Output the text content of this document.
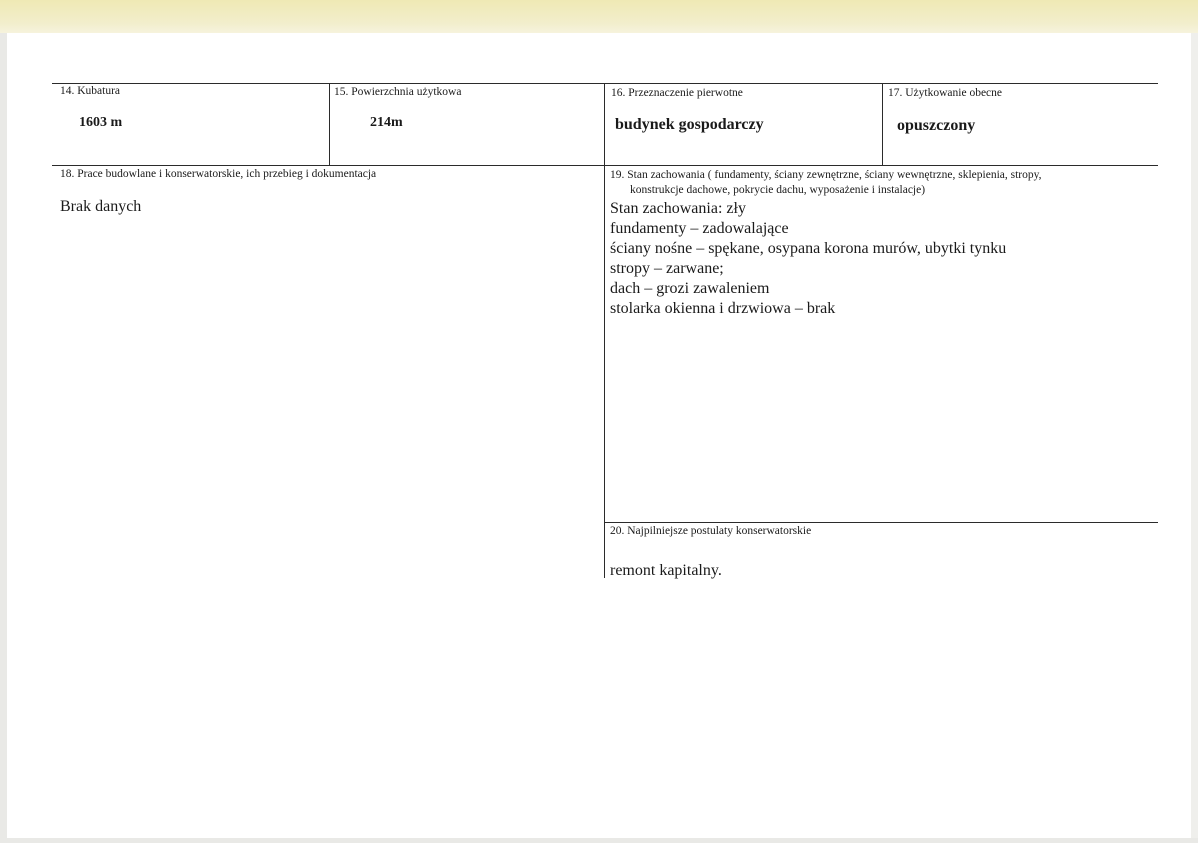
14. Kubatura
1603 m
15. Powierzchnia użytkowa
214m
16. Przeznaczenie pierwotne
budynek gospodarczy
17. Użytkowanie obecne
opuszczony
18. Prace budowlane i konserwatorskie, ich przebieg i dokumentacja
Brak danych
19. Stan zachowania ( fundamenty, ściany zewnętrzne, ściany wewnętrzne, sklepienia, stropy,
konstrukcje dachowe, pokrycie dachu, wyposażenie i instalacje)
Stan zachowania: zły
fundamenty – zadowalające
ściany nośne – spękane, osypana korona murów, ubytki tynku
stropy – zarwane;
dach – grozi zawaleniem
stolarka okienna i drzwiowa – brak
20. Najpilniejsze postulaty konserwatorskie
remont kapitalny.
